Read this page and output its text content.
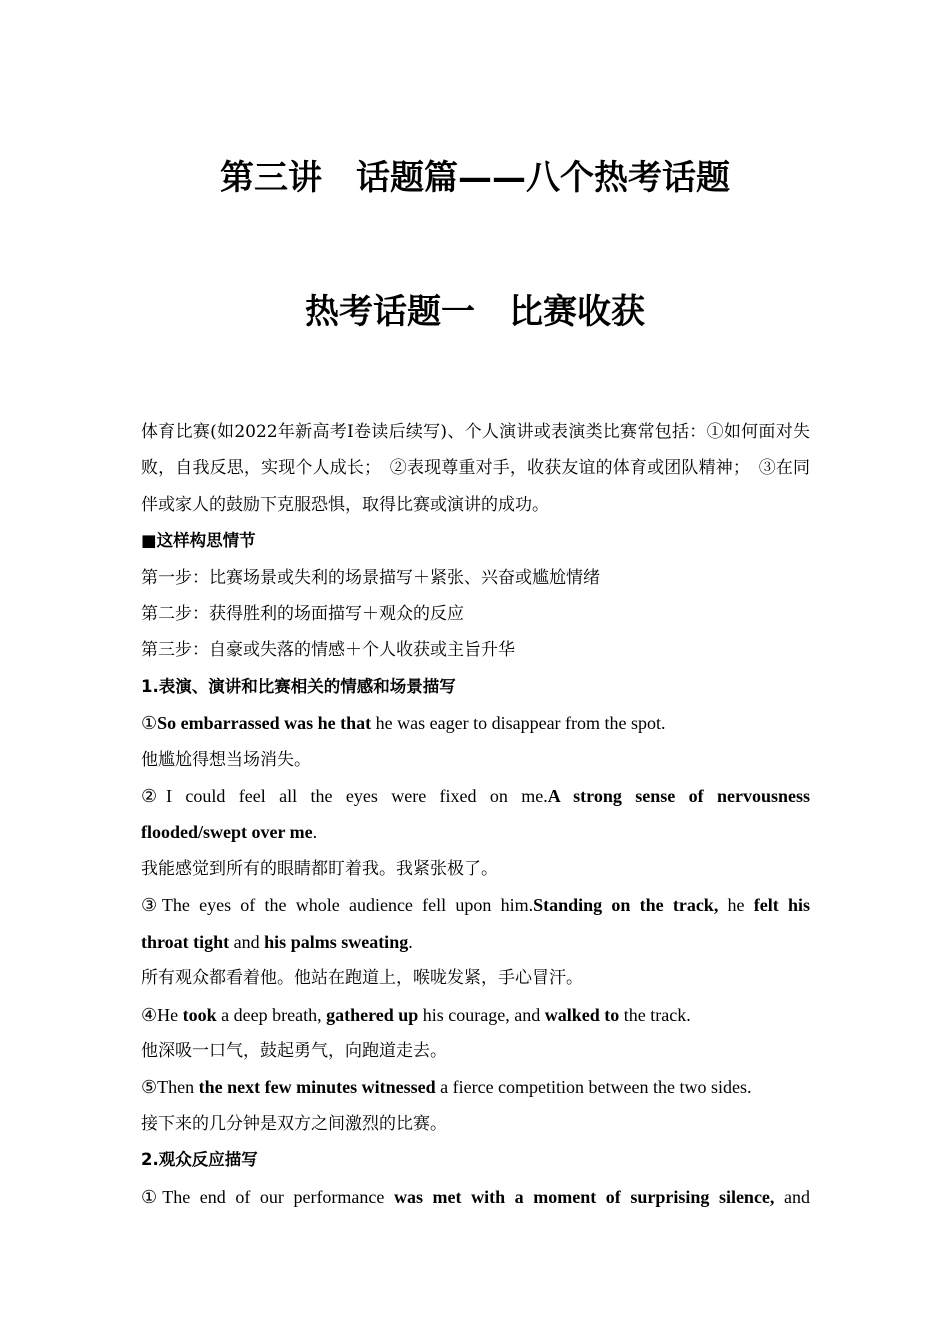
第三讲　话题篇——八个热考话题
热考话题一　比赛收获

体育比赛(如2022年新高考Ⅰ卷读后续写)、个人演讲或表演类比赛常包括：①如何面对失败，自我反思，实现个人成长；　②表现尊重对手，收获友谊的体育或团队精神；　③在同伴或家人的鼓励下克服恐惧，取得比赛或演讲的成功。

■这样构思情节

第一步：比赛场景或失利的场景描写＋紧张、兴奋或尴尬情绪

第二步：获得胜利的场面描写＋观众的反应

第三步：自豪或失落的情感＋个人收获或主旨升华

1.表演、演讲和比赛相关的情感和场景描写

①So embarrassed was he that he was eager to disappear from the spot.

他尴尬得想当场消失。

②I could feel all the eyes were fixed on me.A strong sense of nervousness

flooded/swept over me.

我能感觉到所有的眼睛都盯着我。我紧张极了。

③The eyes of the whole audience fell upon him.Standing on the track, he felt his

throat tight and his palms sweating.

所有观众都看着他。他站在跑道上，喉咙发紧，手心冒汗。

④He took a deep breath, gathered up his courage, and walked to the track.

他深吸一口气，鼓起勇气，向跑道走去。

⑤Then the next few minutes witnessed a fierce competition between the two sides.

接下来的几分钟是双方之间激烈的比赛。

2.观众反应描写

①The end of our performance was met with a moment of surprising silence, and
